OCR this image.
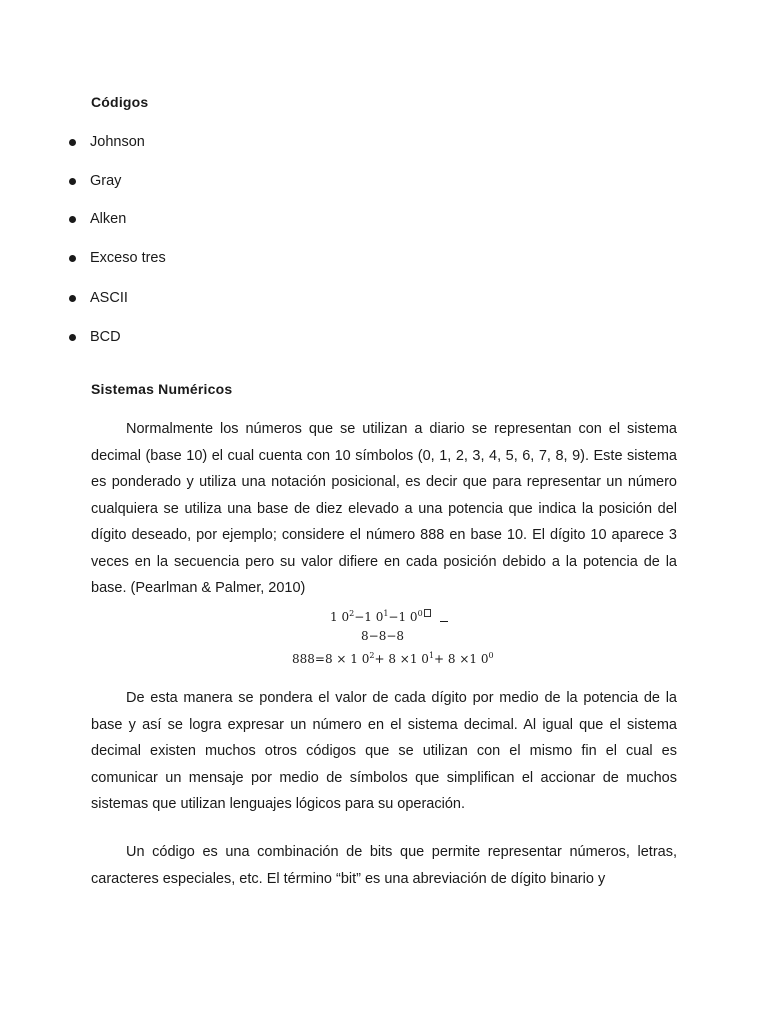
Códigos
Johnson
Gray
Alken
Exceso tres
ASCII
BCD
Sistemas Numéricos

Normalmente los números que se utilizan a diario se representan con el sistema decimal (base 10) el cual cuenta con 10 símbolos (0, 1, 2, 3, 4, 5, 6, 7, 8, 9). Este sistema es ponderado y utiliza una notación posicional, es decir que para representar un número cualquiera se utiliza una base de diez elevado a una potencia que indica la posición del dígito deseado, por ejemplo; considere el número 888 en base 10. El dígito 10 aparece 3 veces en la secuencia pero su valor difiere en cada posición debido a la potencia de la base. (Pearlman & Palmer, 2010)

1 $0^2-1$ $0^1-1$ $0^0$
8−8−8
888=8 × 1 $0^2+ 8 \times 1$ $0^1+ 8 \times 1$ $0^0$

De esta manera se pondera el valor de cada dígito por medio de la potencia de la base y así se logra expresar un número en el sistema decimal. Al igual que el sistema decimal existen muchos otros códigos que se utilizan con el mismo fin el cual es comunicar un mensaje por medio de símbolos que simplifican el accionar de muchos sistemas que utilizan lenguajes lógicos para su operación.

Un código es una combinación de bits que permite representar números, letras, caracteres especiales, etc. El término “bit” es una abreviación de dígito binario y
